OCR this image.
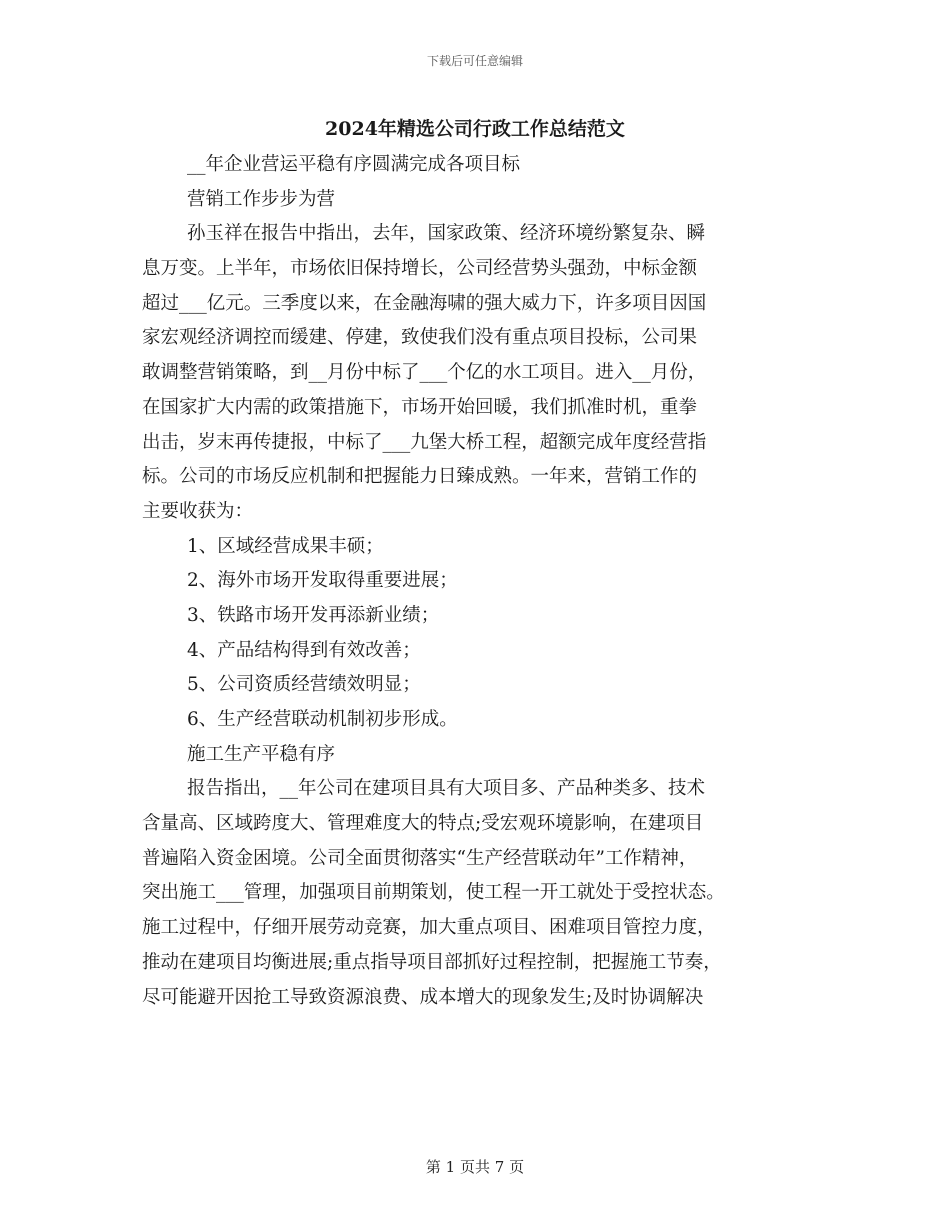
下载后可任意编辑
2024年精选公司行政工作总结范文
__年企业营运平稳有序圆满完成各项目标
营销工作步步为营
孙玉祥在报告中指出，去年，国家政策、经济环境纷繁复杂、瞬
息万变。上半年，市场依旧保持增长，公司经营势头强劲，中标金额
超过___亿元。三季度以来，在金融海啸的强大威力下，许多项目因国
家宏观经济调控而缓建、停建，致使我们没有重点项目投标，公司果
敢调整营销策略，到__月份中标了___个亿的水工项目。进入__月份，
在国家扩大内需的政策措施下，市场开始回暖，我们抓准时机，重拳
出击，岁末再传捷报，中标了___九堡大桥工程，超额完成年度经营指
标。公司的市场反应机制和把握能力日臻成熟。一年来，营销工作的
主要收获为：
1、区域经营成果丰硕；
2、海外市场开发取得重要进展；
3、铁路市场开发再添新业绩；
4、产品结构得到有效改善；
5、公司资质经营绩效明显；
6、生产经营联动机制初步形成。
施工生产平稳有序
报告指出，__年公司在建项目具有大项目多、产品种类多、技术
含量高、区域跨度大、管理难度大的特点;受宏观环境影响，在建项目
普遍陷入资金困境。公司全面贯彻落实“生产经营联动年”工作精神，
突出施工___管理，加强项目前期策划，使工程一开工就处于受控状态。
施工过程中，仔细开展劳动竞赛，加大重点项目、困难项目管控力度，
推动在建项目均衡进展;重点指导项目部抓好过程控制，把握施工节奏，
尽可能避开因抢工导致资源浪费、成本增大的现象发生;及时协调解决
第 1 页共 7 页
